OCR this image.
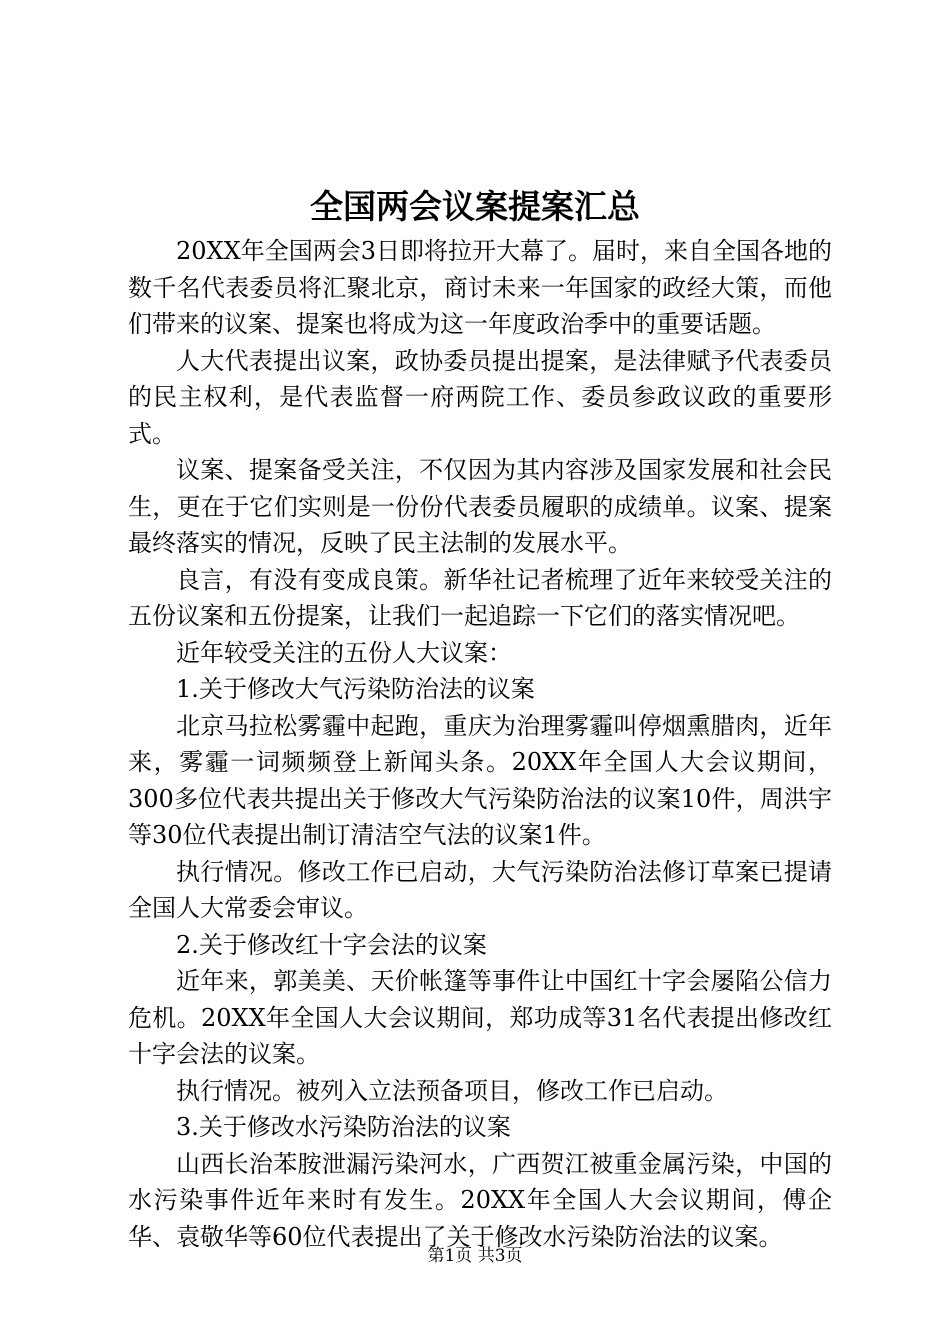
全国两会议案提案汇总

20XX年全国两会3日即将拉开大幕了。届时，来自全国各地的数千名代表委员将汇聚北京，商讨未来一年国家的政经大策，而他们带来的议案、提案也将成为这一年度政治季中的重要话题。

人大代表提出议案，政协委员提出提案，是法律赋予代表委员的民主权利，是代表监督一府两院工作、委员参政议政的重要形式。

议案、提案备受关注，不仅因为其内容涉及国家发展和社会民生，更在于它们实则是一份份代表委员履职的成绩单。议案、提案最终落实的情况，反映了民主法制的发展水平。

良言，有没有变成良策。新华社记者梳理了近年来较受关注的五份议案和五份提案，让我们一起追踪一下它们的落实情况吧。

近年较受关注的五份人大议案：

1.关于修改大气污染防治法的议案

北京马拉松雾霾中起跑，重庆为治理雾霾叫停烟熏腊肉，近年来，雾霾一词频频登上新闻头条。20XX年全国人大会议期间，300多位代表共提出关于修改大气污染防治法的议案10件，周洪宇等30位代表提出制订清洁空气法的议案1件。

执行情况。修改工作已启动，大气污染防治法修订草案已提请全国人大常委会审议。

2.关于修改红十字会法的议案

近年来，郭美美、天价帐篷等事件让中国红十字会屡陷公信力危机。20XX年全国人大会议期间，郑功成等31名代表提出修改红十字会法的议案。

执行情况。被列入立法预备项目，修改工作已启动。

3.关于修改水污染防治法的议案

山西长治苯胺泄漏污染河水，广西贺江被重金属污染，中国的水污染事件近年来时有发生。20XX年全国人大会议期间，傅企华、袁敬华等60位代表提出了关于修改水污染防治法的议案。

第1页 共3页
